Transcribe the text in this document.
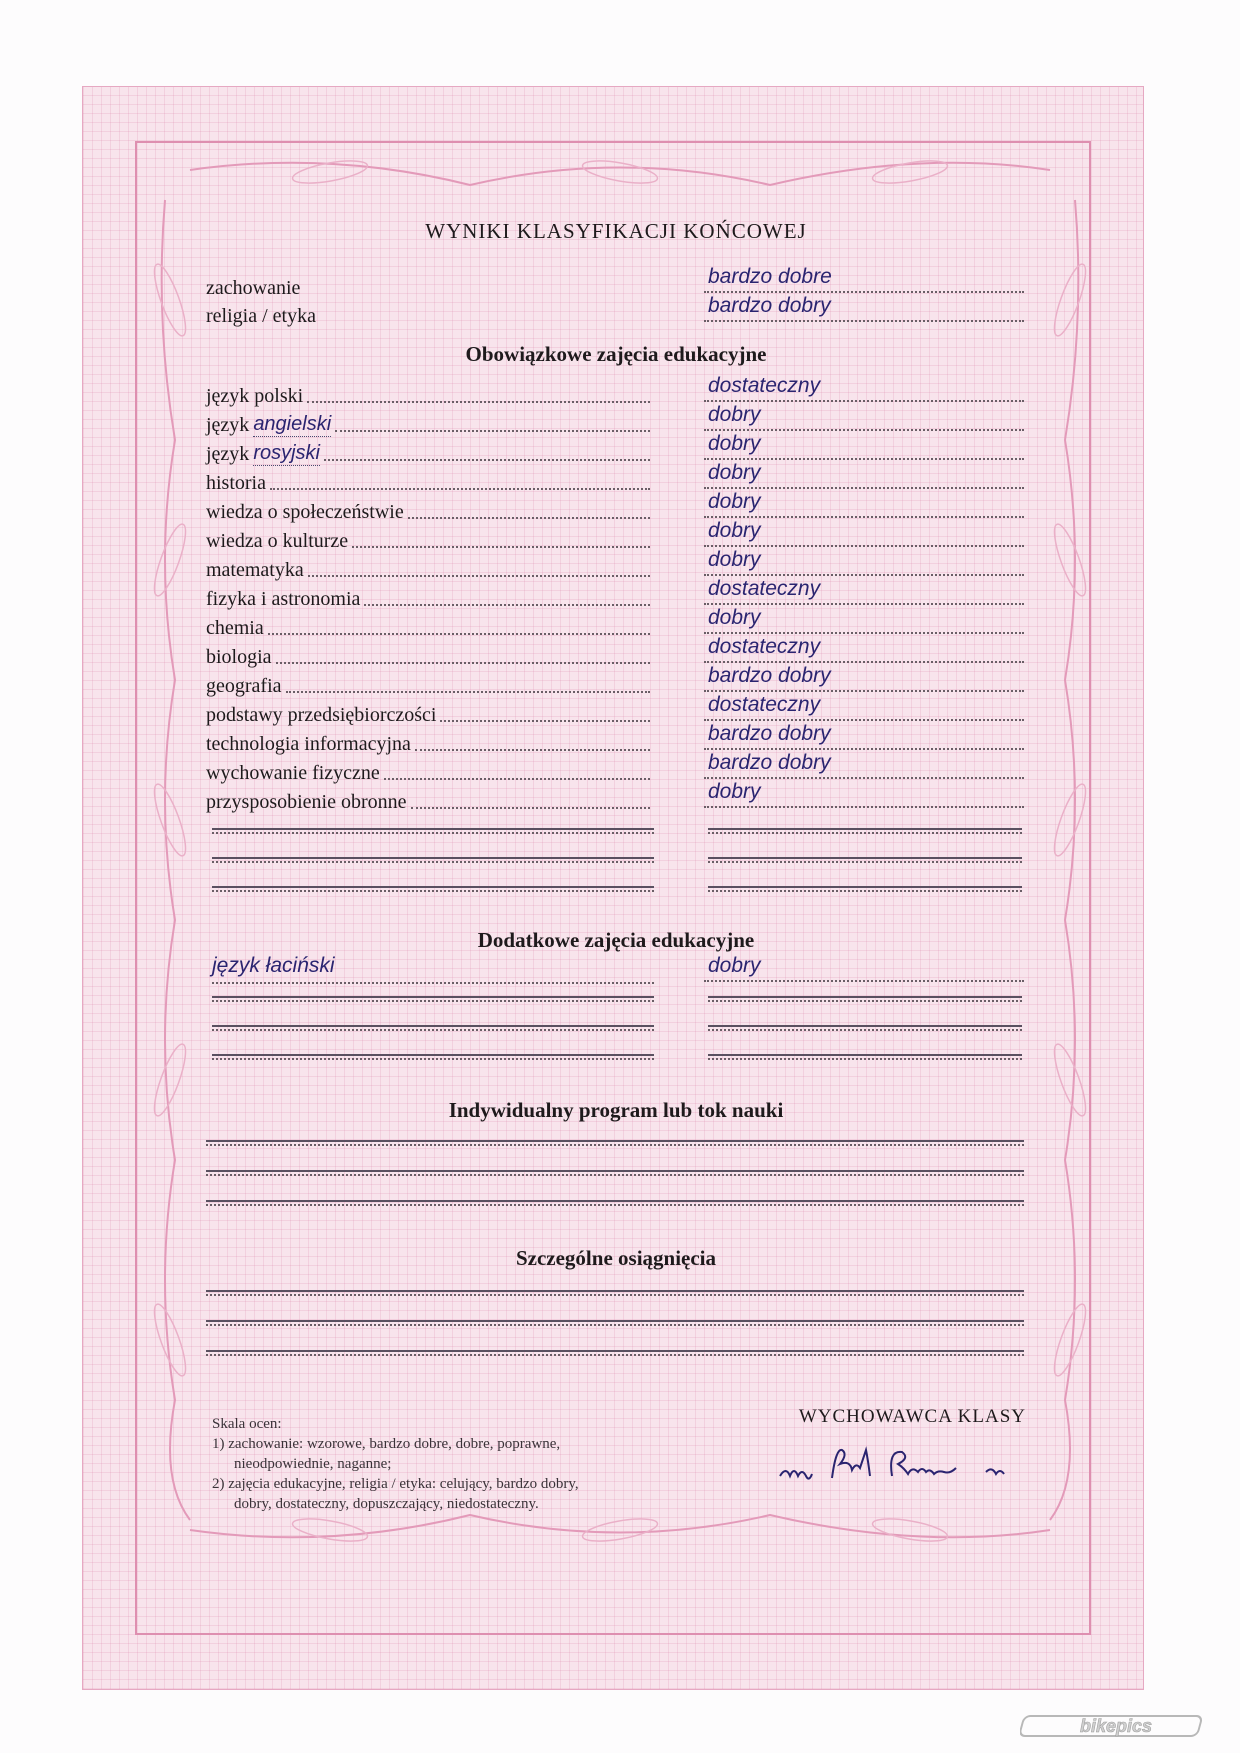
WYNIKI KLASYFIKACJI KOŃCOWEJ
zachowanie	bardzo dobre
religia / etyka	bardzo dobry
Obowiązkowe zajęcia edukacyjne
język polski	dostateczny
język angielski	dobry
język rosyjski	dobry
historia	dobry
wiedza o społeczeństwie	dobry
wiedza o kulturze	dobry
matematyka	dobry
fizyka i astronomia	dostateczny
chemia	dobry
biologia	dostateczny
geografia	bardzo dobry
podstawy przedsiębiorczości	dostateczny
technologia informacyjna	bardzo dobry
wychowanie fizyczne	bardzo dobry
przysposobienie obronne	dobry
Dodatkowe zajęcia edukacyjne
język łaciński	dobry
Indywidualny program lub tok nauki
Szczególne osiągnięcia
Skala ocen:
1) zachowanie: wzorowe, bardzo dobre, dobre, poprawne,
nieodpowiednie, naganne;
2) zajęcia edukacyjne, religia / etyka: celujący, bardzo dobry,
dobry, dostateczny, dopuszczający, niedostateczny.
WYCHOWAWCA KLASY
bikepics
